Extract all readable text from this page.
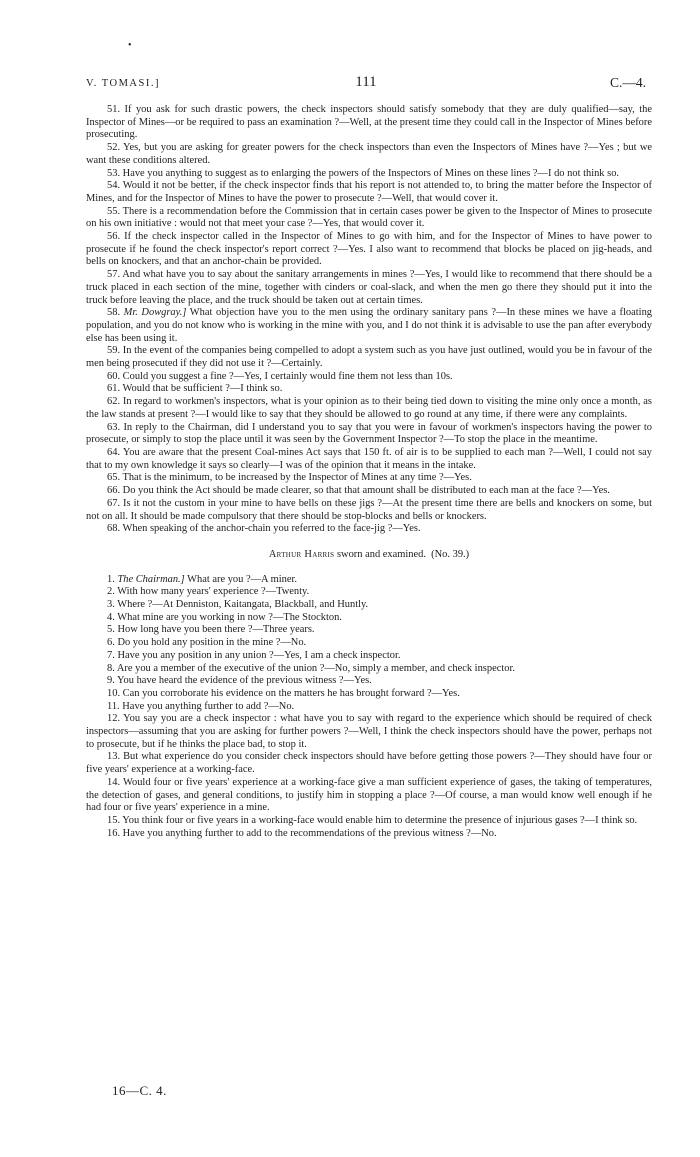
•
V. TOMASI.]	111	C.—4.

51. If you ask for such drastic powers, the check inspectors should satisfy somebody that they are duly qualified—say, the Inspector of Mines—or be required to pass an examination ?—Well, at the present time they could call in the Inspector of Mines before prosecuting.

52. Yes, but you are asking for greater powers for the check inspectors than even the Inspectors of Mines have ?—Yes ; but we want these conditions altered.

53. Have you anything to suggest as to enlarging the powers of the Inspectors of Mines on these lines ?—I do not think so.

54. Would it not be better, if the check inspector finds that his report is not attended to, to bring the matter before the Inspector of Mines, and for the Inspector of Mines to have the power to prosecute ?—Well, that would cover it.

55. There is a recommendation before the Commission that in certain cases power be given to the Inspector of Mines to prosecute on his own initiative : would not that meet your case ?—Yes, that would cover it.

56. If the check inspector called in the Inspector of Mines to go with him, and for the Inspector of Mines to have power to prosecute if he found the check inspector's report correct ?—Yes. I also want to recommend that blocks be placed on jig-heads, and bells on knockers, and that an anchor-chain be provided.

57. And what have you to say about the sanitary arrangements in mines ?—Yes, I would like to recommend that there should be a truck placed in each section of the mine, together with cinders or coal-slack, and when the men go there they should put it into the truck before leaving the place, and the truck should be taken out at certain times.

58. Mr. Dowgray.] What objection have you to the men using the ordinary sanitary pans ?—In these mines we have a floating population, and you do not know who is working in the mine with you, and I do not think it is advisable to use the pan after everybody else has been using it.

59. In the event of the companies being compelled to adopt a system such as you have just outlined, would you be in favour of the men being prosecuted if they did not use it ?—Certainly.

60. Could you suggest a fine ?—Yes, I certainly would fine them not less than 10s.

61. Would that be sufficient ?—I think so.

62. In regard to workmen's inspectors, what is your opinion as to their being tied down to visiting the mine only once a month, as the law stands at present ?—I would like to say that they should be allowed to go round at any time, if there were any complaints.

63. In reply to the Chairman, did I understand you to say that you were in favour of workmen's inspectors having the power to prosecute, or simply to stop the place until it was seen by the Government Inspector ?—To stop the place in the meantime.

64. You are aware that the present Coal-mines Act says that 150 ft. of air is to be supplied to each man ?—Well, I could not say that to my own knowledge it says so clearly—I was of the opinion that it means in the intake.

65. That is the minimum, to be increased by the Inspector of Mines at any time ?—Yes.

66. Do you think the Act should be made clearer, so that that amount shall be distributed to each man at the face ?—Yes.

67. Is it not the custom in your mine to have bells on these jigs ?—At the present time there are bells and knockers on some, but not on all. It should be made compulsory that there should be stop-blocks and bells or knockers.

68. When speaking of the anchor-chain you referred to the face-jig ?—Yes.

Arthur Harris sworn and examined. (No. 39.)

1. The Chairman.] What are you ?—A miner.

2. With how many years' experience ?—Twenty.

3. Where ?—At Denniston, Kaitangata, Blackball, and Huntly.

4. What mine are you working in now ?—The Stockton.

5. How long have you been there ?—Three years.

6. Do you hold any position in the mine ?—No.

7. Have you any position in any union ?—Yes, I am a check inspector.

8. Are you a member of the executive of the union ?—No, simply a member, and check inspector.

9. You have heard the evidence of the previous witness ?—Yes.

10. Can you corroborate his evidence on the matters he has brought forward ?—Yes.

11. Have you anything further to add ?—No.

12. You say you are a check inspector : what have you to say with regard to the experience which should be required of check inspectors—assuming that you are asking for further powers ?—Well, I think the check inspectors should have the power, perhaps not to prosecute, but if he thinks the place bad, to stop it.

13. But what experience do you consider check inspectors should have before getting those powers ?—They should have four or five years' experience at a working-face.

14. Would four or five years' experience at a working-face give a man sufficient experience of gases, the taking of temperatures, the detection of gases, and general conditions, to justify him in stopping a place ?—Of course, a man would know well enough if he had four or five years' experience in a mine.

15. You think four or five years in a working-face would enable him to determine the presence of injurious gases ?—I think so.

16. Have you anything further to add to the recommendations of the previous witness ?—No.

16—C. 4.
